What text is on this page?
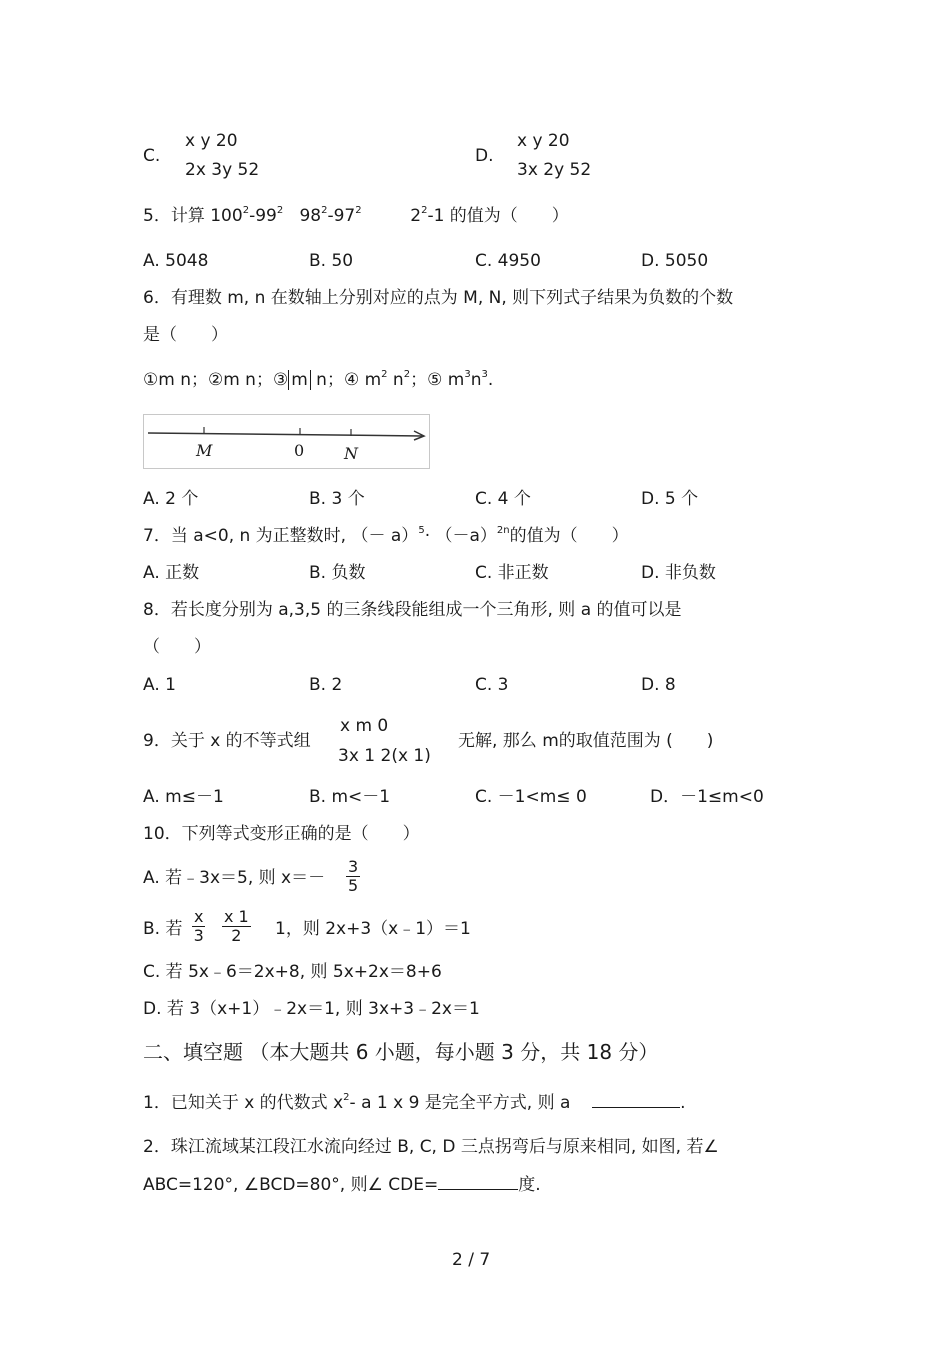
C.
x y 20
2x 3y 52
D.
x y 20
3x 2y 52
5．计算 $100^2-99^2$ $98^2-97^2$	$2^2-1$ 的值为（　　）
A. 5048	B. 50	C. 4950	D. 5050
6．有理数 m, n 在数轴上分别对应的点为 M, N, 则下列式子结果为负数的个数
是（　　）
①m n；②m n；③ m n；④ $m^2$ $n^2$；⑤ $m^3n^3$.
M	0 N
A. 2 个	B. 3 个	C. 4 个	D. 5 个
7．当 a<0, n 为正整数时, （－ $a)^5\cdot (-a)^{2n}$的值为（　　）
A. 正数	B. 负数	C. 非正数	D. 非负数
8．若长度分别为 a,3,5 的三条线段能组成一个三角形, 则 a 的值可以是
（　　）
A. 1	B. 2	C. 3	D. 8
9．关于 x 的不等式组
x m 0
3x 1 2(x 1)
无解, 那么 m的取值范围为 (　　)
A. m≤－1	B. m<－1	C. －1<m≤ 0	D．－1≤m<0
10．下列等式变形正确的是（　　）
A. 若﹣3x＝5, 则 $x=- \frac{3}{5}$
B. 若 $\frac{x}{3} \frac{x 1}{2} 1$，则 2x+3（x﹣1）＝1
C. 若 5x﹣6＝2x+8, 则 5x+2x＝8+6
D. 若 3（x+1）﹣2x＝1, 则 3x+3﹣2x＝1
二、填空题 （本大题共 6 小题，每小题 3 分，共 18 分）
1．已知关于 x 的代数式 $x^2-$ a 1 x 9 是完全平方式, 则 a	.
2．珠江流域某江段江水流向经过 B, C, D 三点拐弯后与原来相同, 如图, 若∠
ABC=120°, ∠BCD=80°, 则∠ CDE=	度.
2 / 7
